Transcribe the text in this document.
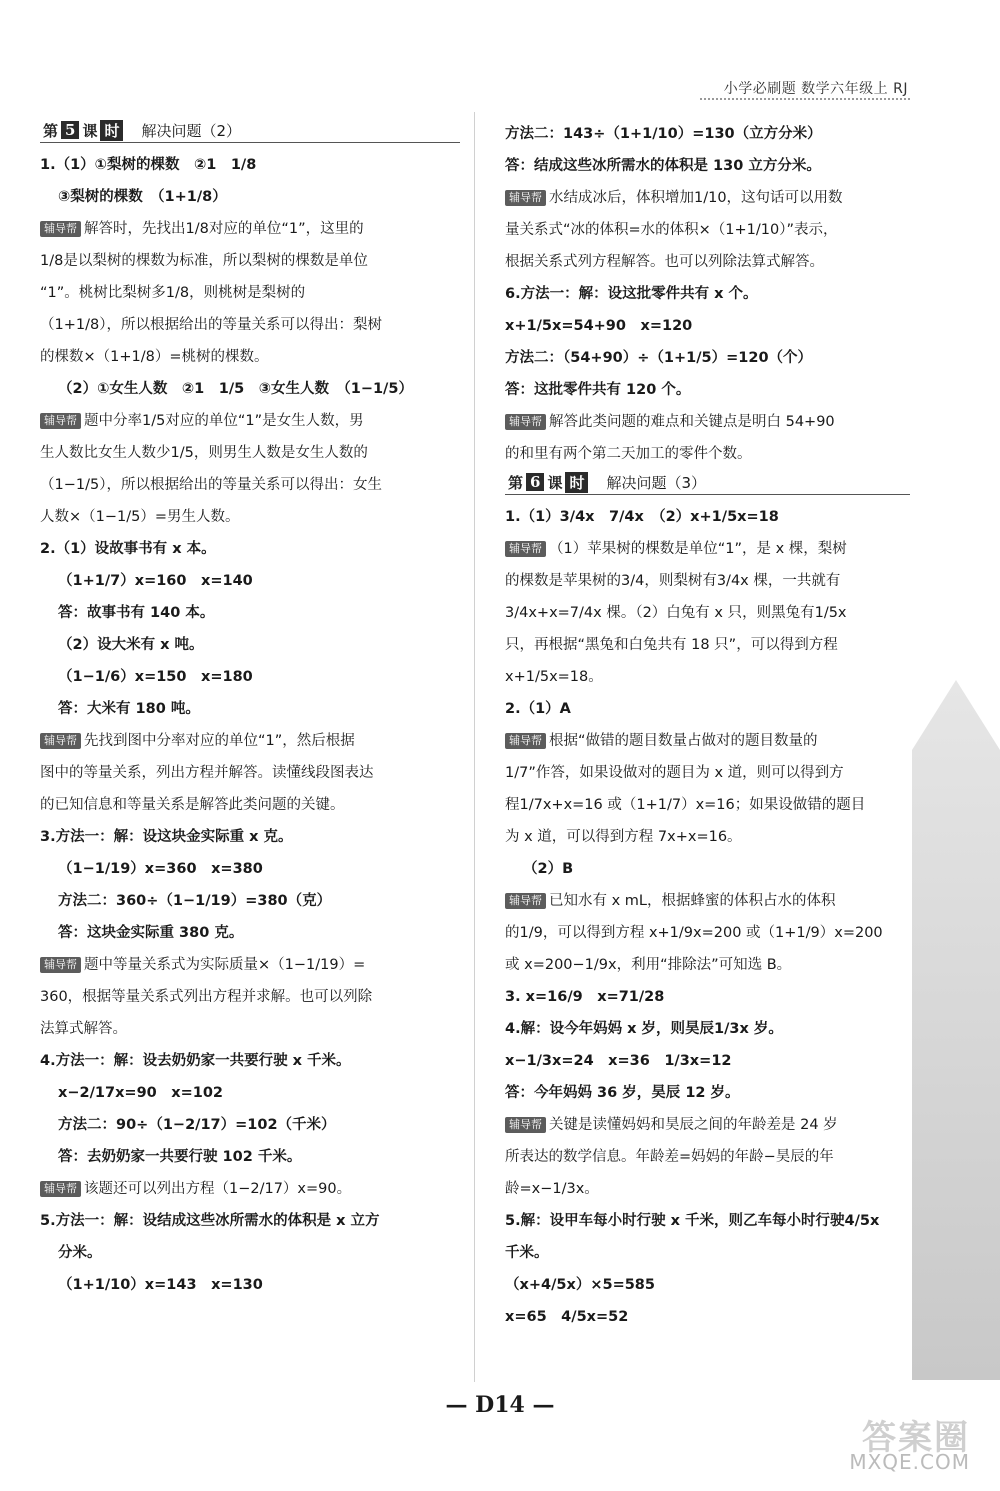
小学必刷题 数学六年级上 RJ
第 5 课 时 解决问题（2）
1.（1）①梨树的棵数　②1　1/8
③梨树的棵数　（1+1/8）
辅导帮 解答时，先找出1/8对应的单位“1”，这里的
1/8是以梨树的棵数为标准，所以梨树的棵数是单位
“1”。桃树比梨树多1/8，则桃树是梨树的
（1+1/8），所以根据给出的等量关系可以得出：梨树
的棵数×（1+1/8）=桃树的棵数。
（2）①女生人数　②1　1/5　③女生人数　（1−1/5）
辅导帮 题中分率1/5对应的单位“1”是女生人数，男
生人数比女生人数少1/5，则男生人数是女生人数的
（1−1/5），所以根据给出的等量关系可以得出：女生
人数×（1−1/5）=男生人数。
2.（1）设故事书有 x 本。
（1+1/7）x=160　x=140
答：故事书有 140 本。
（2）设大米有 x 吨。
（1−1/6）x=150　x=180
答：大米有 180 吨。
辅导帮 先找到图中分率对应的单位“1”，然后根据
图中的等量关系，列出方程并解答。读懂线段图表达
的已知信息和等量关系是解答此类问题的关键。
3.方法一：解：设这块金实际重 x 克。
（1−1/19）x=360　x=380
方法二：360÷（1−1/19）=380（克）
答：这块金实际重 380 克。
辅导帮 题中等量关系式为实际质量×（1−1/19）=
360，根据等量关系式列出方程并求解。也可以列除
法算式解答。
4.方法一：解：设去奶奶家一共要行驶 x 千米。
x−2/17x=90　x=102
方法二：90÷（1−2/17）=102（千米）
答：去奶奶家一共要行驶 102 千米。
辅导帮 该题还可以列出方程（1−2/17）x=90。
5.方法一：解：设结成这些冰所需水的体积是 x 立方
分米。
（1+1/10）x=143　x=130
方法二：143÷（1+1/10）=130（立方分米）
答：结成这些冰所需水的体积是 130 立方分米。
辅导帮 水结成冰后，体积增加1/10，这句话可以用数
量关系式“冰的体积=水的体积×（1+1/10）”表示，
根据关系式列方程解答。也可以列除法算式解答。
6.方法一：解：设这批零件共有 x 个。
x+1/5x=54+90　x=120
方法二：（54+90）÷（1+1/5）=120（个）
答：这批零件共有 120 个。
辅导帮 解答此类问题的难点和关键点是明白 54+90
的和里有两个第二天加工的零件个数。
第 6 课 时 解决问题（3）
1.（1）3/4x　7/4x　（2）x+1/5x=18
辅导帮 （1）苹果树的棵数是单位“1”，是 x 棵，梨树
的棵数是苹果树的3/4，则梨树有3/4x 棵，一共就有
3/4x+x=7/4x 棵。（2）白兔有 x 只，则黑兔有1/5x
只，再根据“黑兔和白兔共有 18 只”，可以得到方程
x+1/5x=18。
2.（1）A
辅导帮 根据“做错的题目数量占做对的题目数量的
1/7”作答，如果设做对的题目为 x 道，则可以得到方
程1/7x+x=16 或（1+1/7）x=16；如果设做错的题目
为 x 道，可以得到方程 7x+x=16。
（2）B
辅导帮 已知水有 x mL，根据蜂蜜的体积占水的体积
的1/9，可以得到方程 x+1/9x=200 或（1+1/9）x=200
或 x=200−1/9x，利用“排除法”可知选 B。
3. x=16/9　x=71/28
4.解：设今年妈妈 x 岁，则昊辰1/3x 岁。
x−1/3x=24　x=36　1/3x=12
答：今年妈妈 36 岁，昊辰 12 岁。
辅导帮 关键是读懂妈妈和昊辰之间的年龄差是 24 岁
所表达的数学信息。年龄差=妈妈的年龄−昊辰的年
龄=x−1/3x。
5.解：设甲车每小时行驶 x 千米，则乙车每小时行驶4/5x
千米。
（x+4/5x）×5=585
x=65　4/5x=52
— D14 —
答案圈
MXQE.COM
